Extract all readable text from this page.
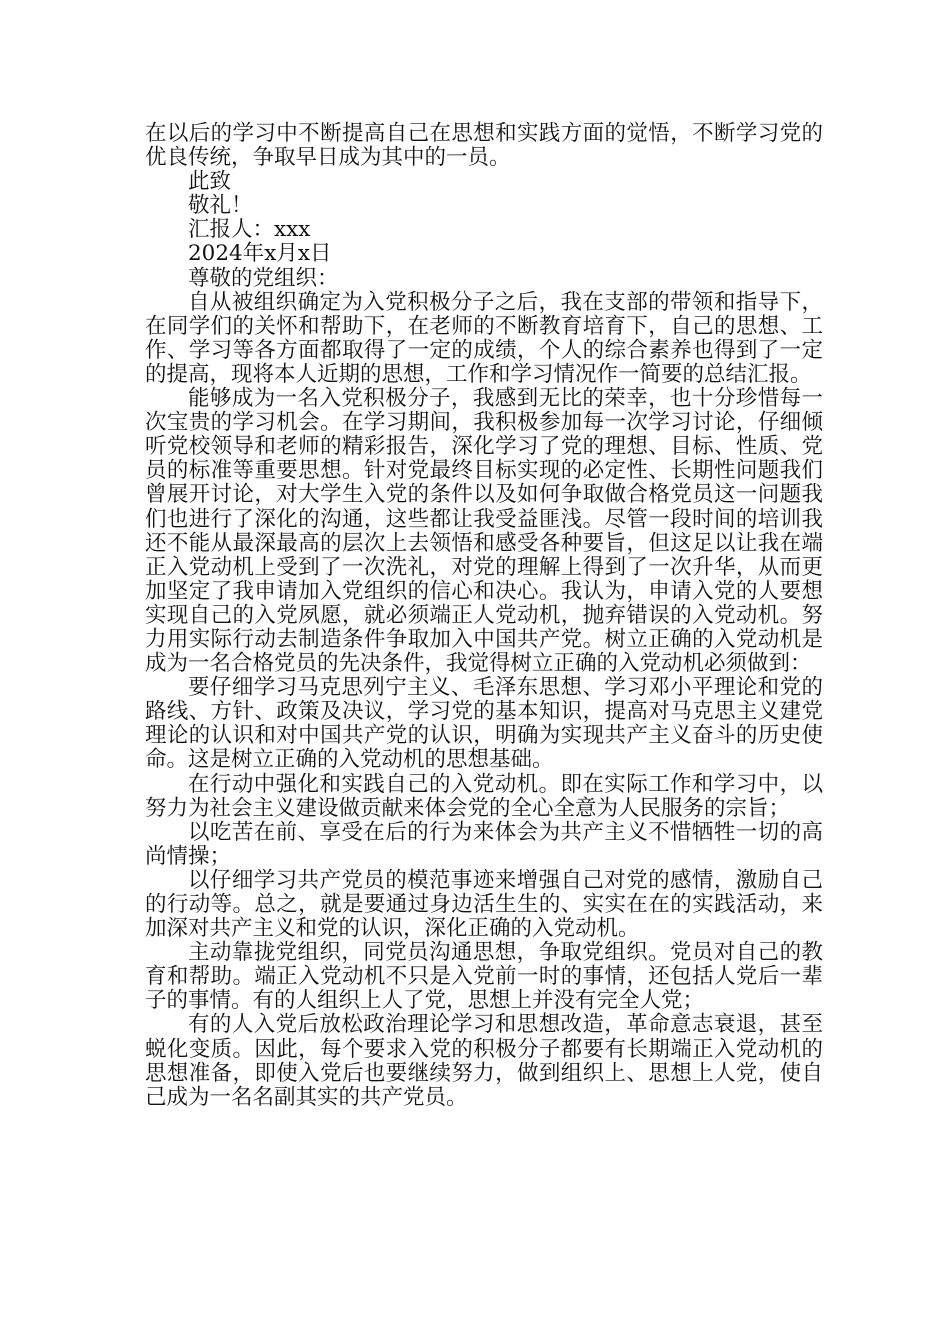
在以后的学习中不断提高自己在思想和实践方面的觉悟，不断学习党的优良传统，争取早日成为其中的一员。

此致

敬礼！

汇报人：xxx

2024年x月x日

尊敬的党组织：

自从被组织确定为入党积极分子之后，我在支部的带领和指导下，在同学们的关怀和帮助下，在老师的不断教育培育下，自己的思想、工作、学习等各方面都取得了一定的成绩，个人的综合素养也得到了一定的提高，现将本人近期的思想，工作和学习情况作一简要的总结汇报。

能够成为一名入党积极分子，我感到无比的荣幸，也十分珍惜每一次宝贵的学习机会。在学习期间，我积极参加每一次学习讨论，仔细倾听党校领导和老师的精彩报告，深化学习了党的理想、目标、性质、党员的标准等重要思想。针对党最终目标实现的必定性、长期性问题我们曾展开讨论，对大学生入党的条件以及如何争取做合格党员这一问题我们也进行了深化的沟通，这些都让我受益匪浅。尽管一段时间的培训我还不能从最深最高的层次上去领悟和感受各种要旨，但这足以让我在端正入党动机上受到了一次洗礼，对党的理解上得到了一次升华，从而更加坚定了我申请加入党组织的信心和决心。我认为，申请入党的人要想实现自己的入党夙愿，就必须端正人党动机，抛弃错误的入党动机。努力用实际行动去制造条件争取加入中国共产党。树立正确的入党动机是成为一名合格党员的先决条件，我觉得树立正确的入党动机必须做到：

要仔细学习马克思列宁主义、毛泽东思想、学习邓小平理论和党的路线、方针、政策及决议，学习党的基本知识，提高对马克思主义建党理论的认识和对中国共产党的认识，明确为实现共产主义奋斗的历史使命。这是树立正确的入党动机的思想基础。

在行动中强化和实践自己的入党动机。即在实际工作和学习中，以努力为社会主义建设做贡献来体会党的全心全意为人民服务的宗旨；

以吃苦在前、享受在后的行为来体会为共产主义不惜牺牲一切的高尚情操；

以仔细学习共产党员的模范事迹来增强自己对党的感情，激励自己的行动等。总之，就是要通过身边活生生的、实实在在的实践活动，来加深对共产主义和党的认识，深化正确的入党动机。

主动靠拢党组织，同党员沟通思想，争取党组织。党员对自己的教育和帮助。端正入党动机不只是入党前一时的事情，还包括人党后一辈子的事情。有的人组织上人了党，思想上并没有完全人党；

有的人入党后放松政治理论学习和思想改造，革命意志衰退，甚至蜕化变质。因此，每个要求入党的积极分子都要有长期端正入党动机的思想准备，即使入党后也要继续努力，做到组织上、思想上人党，使自己成为一名名副其实的共产党员。
